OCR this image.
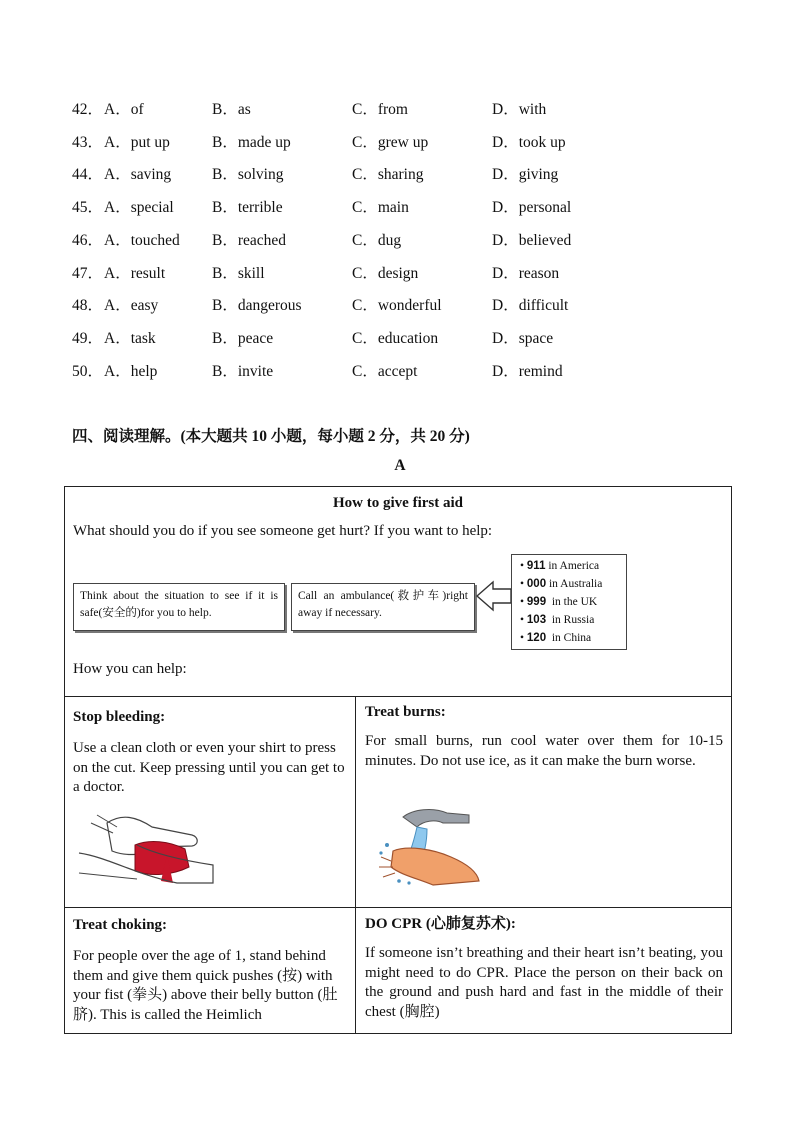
42． A．of	B．as	C．from	D．with
43． A．put up	B．made up	C．grew up	D．took up
44． A．saving	B．solving	C．sharing	D．giving
45． A．special B．terrible	C．main	D．personal
46． A．touched B．reached	C．dug	D．believed
47． A．result	B．skill	C．design	D．reason
48． A．easy	B．dangerous	C．wonderful	D．difficult
49． A．task	B．peace	C．education	D．space
50． A．help	B．invite	C．accept	D．remind
四、阅读理解。(本大题共 10 小题，每小题 2 分，共 20 分)
A
How to give first aid
What should you do if you see someone get hurt? If you want to help:
Think about the situation to see if it is safe(安全的)for you to help.
Call an ambulance(救护车)right away if necessary.
• 911 in America
• 000 in Australia
• 999 in the UK
• 103 in Russia
• 120 in China
How you can help:
Stop bleeding:

Use a clean cloth or even your shirt to press on the cut. Keep pressing until you can get to a doctor.

Treat burns:

For small burns, run cool water over them for 10-15 minutes. Do not use ice, as it can make the burn worse.

Treat choking:

For people over the age of 1, stand behind them and give them quick pushes (按) with your fist (拳头) above their belly button (肚脐). This is called the Heimlich

DO CPR (心肺复苏术):

If someone isn’t breathing and their heart isn’t beating, you might need to do CPR. Place the person on their back on the ground and push hard and fast in the middle of their chest (胸腔)
